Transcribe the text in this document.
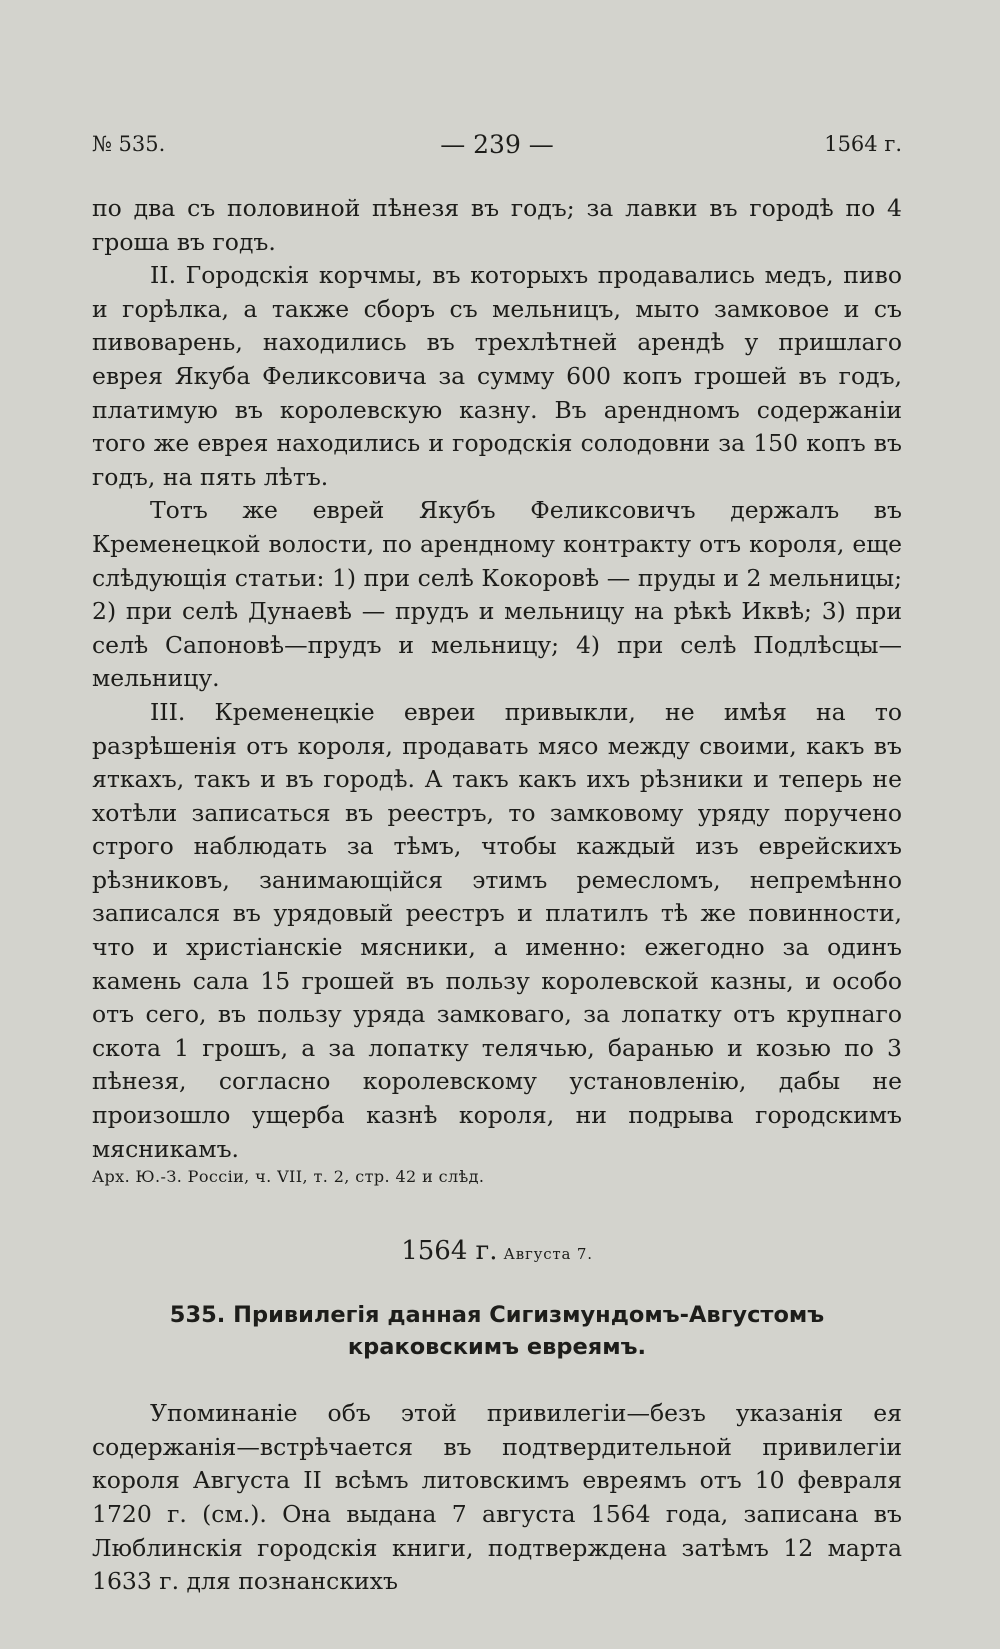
№ 535.	— 239 —	1564 г.

по два съ половиной пѣнезя въ годъ; за лавки въ городѣ по 4 гроша въ годъ.

II. Городскія корчмы, въ которыхъ продавались медъ, пиво и горѣлка, а также сборъ съ мельницъ, мыто замковое и съ пивоварень, находились въ трехлѣтней арендѣ у пришлаго еврея Якуба Феликсовича за сумму 600 копъ грошей въ годъ, платимую въ королевскую казну. Въ арендномъ содержаніи того же еврея находились и городскія солодовни за 150 копъ въ годъ, на пять лѣтъ.

Тотъ же еврей Якубъ Феликсовичъ держалъ въ Кременецкой волости, по арендному контракту отъ короля, еще слѣдующія статьи: 1) при селѣ Кокоровѣ — пруды и 2 мельницы; 2) при селѣ Дунаевѣ — прудъ и мельницу на рѣкѣ Иквѣ; 3) при селѣ Сапоновѣ—прудъ и мельницу; 4) при селѣ Подлѣсцы—мельницу.

III. Кременецкіе евреи привыкли, не имѣя на то разрѣшенія отъ короля, продавать мясо между своими, какъ въ яткахъ, такъ и въ городѣ. А такъ какъ ихъ рѣзники и теперь не хотѣли записаться въ реестръ, то замковому уряду поручено строго наблюдать за тѣмъ, чтобы каждый изъ еврейскихъ рѣзниковъ, занимающійся этимъ ремесломъ, непремѣнно записался въ урядовый реестръ и платилъ тѣ же повинности, что и христіанскіе мясники, а именно: ежегодно за одинъ камень сала 15 грошей въ пользу королевской казны, и особо отъ сего, въ пользу уряда замковаго, за лопатку отъ крупнаго скота 1 грошъ, а за лопатку телячью, баранью и козью по 3 пѣнезя, согласно королевскому установленію, дабы не произошло ущерба казнѣ короля, ни подрыва городскимъ мясникамъ.

Арх. Ю.-З. Россіи, ч. VII, т. 2, стр. 42 и слѣд.

1564 г. Августа 7.
535. Привилегія данная Сигизмундомъ-Августомъ краковскимъ евреямъ.

Упоминаніе объ этой привилегіи—безъ указанія ея содержанія—встрѣчается въ подтвердительной привилегіи короля Августа II всѣмъ литовскимъ евреямъ отъ 10 февраля 1720 г. (см.). Она выдана 7 августа 1564 года, записана въ Люблинскія городскія книги, подтверждена затѣмъ 12 марта 1633 г. для познанскихъ
